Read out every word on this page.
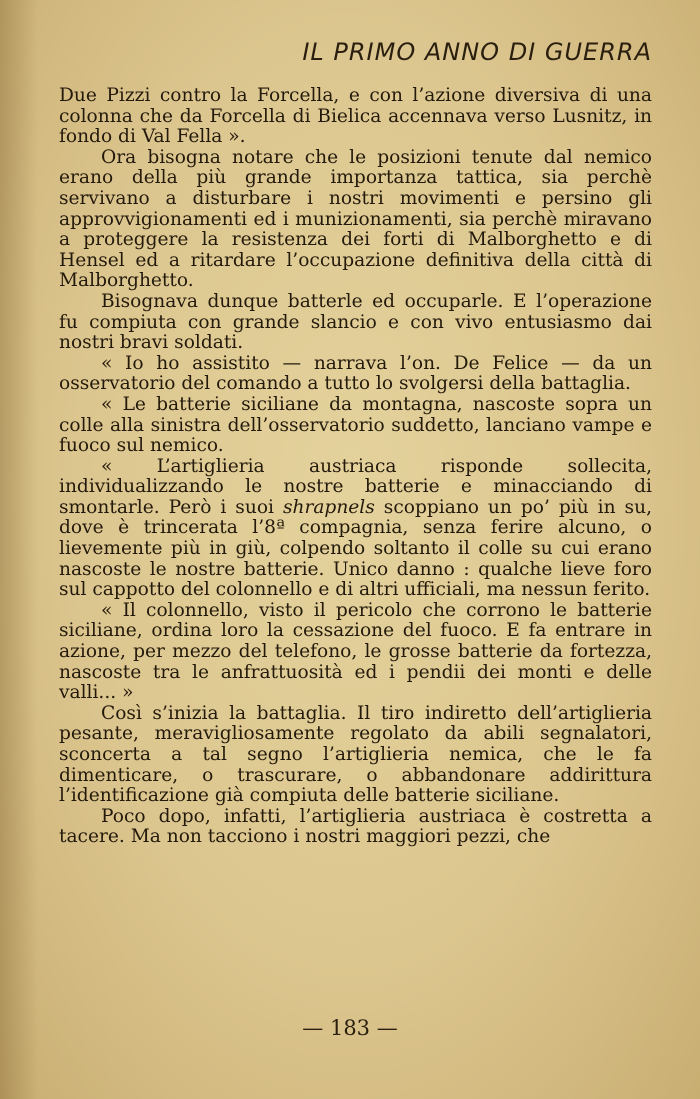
IL PRIMO ANNO DI GUERRA

Due Pizzi contro la Forcella, e con l’azione diversiva di una colonna che da Forcella di Bielica accennava verso Lusnitz, in fondo di Val Fella ».

Ora bisogna notare che le posizioni tenute dal nemico erano della più grande importanza tattica, sia perchè servivano a disturbare i nostri movimenti e persino gli approvvigionamenti ed i munizionamenti, sia perchè miravano a proteggere la resistenza dei forti di Malborghetto e di Hensel ed a ritardare l’occupazione definitiva della città di Malborghetto.

Bisognava dunque batterle ed occuparle. E l’operazione fu compiuta con grande slancio e con vivo entusiasmo dai nostri bravi soldati.

« Io ho assistito — narrava l’on. De Felice — da un osservatorio del comando a tutto lo svolgersi della battaglia.

« Le batterie siciliane da montagna, nascoste sopra un colle alla sinistra dell’osservatorio suddetto, lanciano vampe e fuoco sul nemico.

« L’artiglieria austriaca risponde sollecita, individualizzando le nostre batterie e minacciando di smontarle. Però i suoi shrapnels scoppiano un po’ più in su, dove è trincerata l’8ª compagnia, senza ferire alcuno, o lievemente più in giù, colpendo soltanto il colle su cui erano nascoste le nostre batterie. Unico danno : qualche lieve foro sul cappotto del colonnello e di altri ufficiali, ma nessun ferito.

« Il colonnello, visto il pericolo che corrono le batterie siciliane, ordina loro la cessazione del fuoco. E fa entrare in azione, per mezzo del telefono, le grosse batterie da fortezza, nascoste tra le anfrattuosità ed i pendii dei monti e delle valli... »

Così s’inizia la battaglia. Il tiro indiretto dell’artiglieria pesante, meravigliosamente regolato da abili segnalatori, sconcerta a tal segno l’artiglieria nemica, che le fa dimenticare, o trascurare, o abbandonare addirittura l’identificazione già compiuta delle batterie siciliane.

Poco dopo, infatti, l’artiglieria austriaca è costretta a tacere. Ma non tacciono i nostri maggiori pezzi, che

— 183 —
